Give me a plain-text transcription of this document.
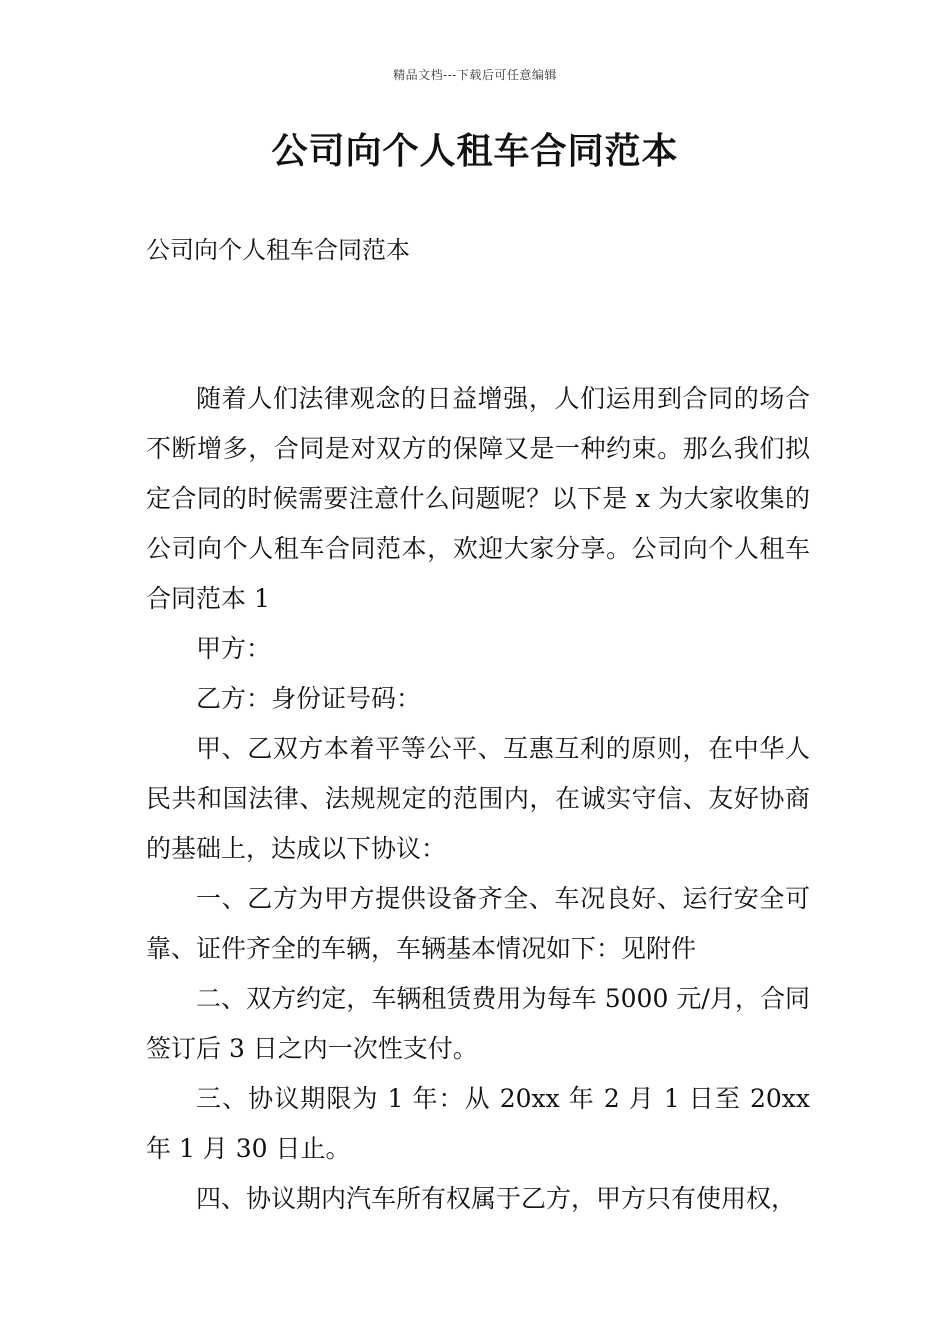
精品文档---下载后可任意编辑
公司向个人租车合同范本

公司向个人租车合同范本

随着人们法律观念的日益增强，人们运用到合同的场合不断增多，合同是对双方的保障又是一种约束。那么我们拟定合同的时候需要注意什么问题呢？以下是 x 为大家收集的公司向个人租车合同范本，欢迎大家分享。公司向个人租车合同范本 1

甲方：

乙方：身份证号码：

甲、乙双方本着平等公平、互惠互利的原则，在中华人民共和国法律、法规规定的范围内，在诚实守信、友好协商的基础上，达成以下协议：

一、乙方为甲方提供设备齐全、车况良好、运行安全可靠、证件齐全的车辆，车辆基本情况如下：见附件

二、双方约定，车辆租赁费用为每车 5000 元/月，合同签订后 3 日之内一次性支付。

三、协议期限为 1 年：从 20xx 年 2 月 1 日至 20xx 年 1 月 30 日止。

四、协议期内汽车所有权属于乙方，甲方只有使用权，
